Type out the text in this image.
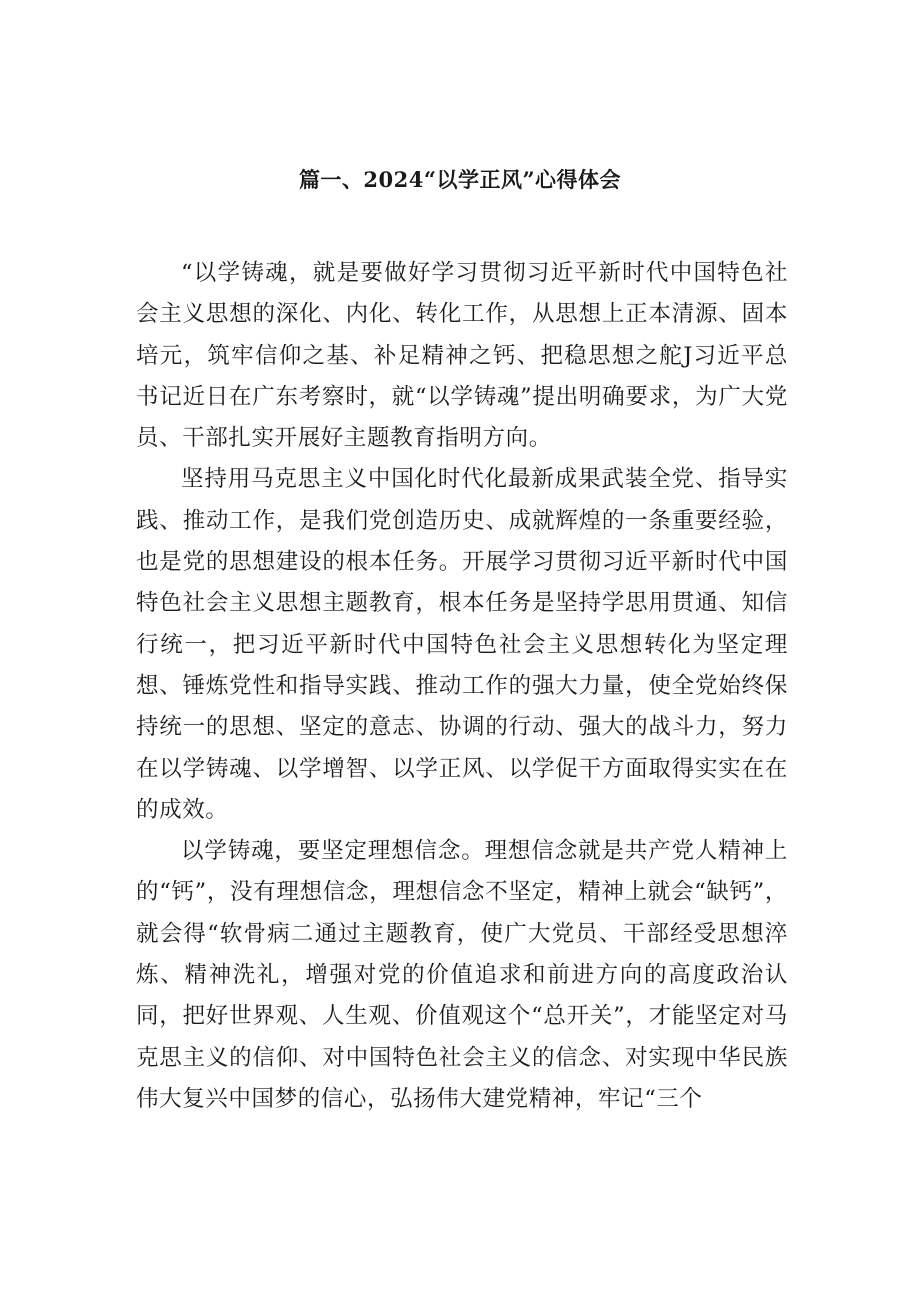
篇一、2024“以学正风”心得体会

“以学铸魂，就是要做好学习贯彻习近平新时代中国特色社会主义思想的深化、内化、转化工作，从思想上正本清源、固本培元，筑牢信仰之基、补足精神之钙、把稳思想之舵J习近平总书记近日在广东考察时，就“以学铸魂”提出明确要求，为广大党员、干部扎实开展好主题教育指明方向。

坚持用马克思主义中国化时代化最新成果武装全党、指导实践、推动工作，是我们党创造历史、成就辉煌的一条重要经验，也是党的思想建设的根本任务。开展学习贯彻习近平新时代中国特色社会主义思想主题教育，根本任务是坚持学思用贯通、知信行统一，把习近平新时代中国特色社会主义思想转化为坚定理想、锤炼党性和指导实践、推动工作的强大力量，使全党始终保持统一的思想、坚定的意志、协调的行动、强大的战斗力，努力在以学铸魂、以学增智、以学正风、以学促干方面取得实实在在的成效。

以学铸魂，要坚定理想信念。理想信念就是共产党人精神上的“钙”，没有理想信念，理想信念不坚定，精神上就会“缺钙”，就会得“软骨病二通过主题教育，使广大党员、干部经受思想淬炼、精神洗礼，增强对党的价值追求和前进方向的高度政治认同，把好世界观、人生观、价值观这个“总开关”，才能坚定对马克思主义的信仰、对中国特色社会主义的信念、对实现中华民族伟大复兴中国梦的信心，弘扬伟大建党精神，牢记“三个
